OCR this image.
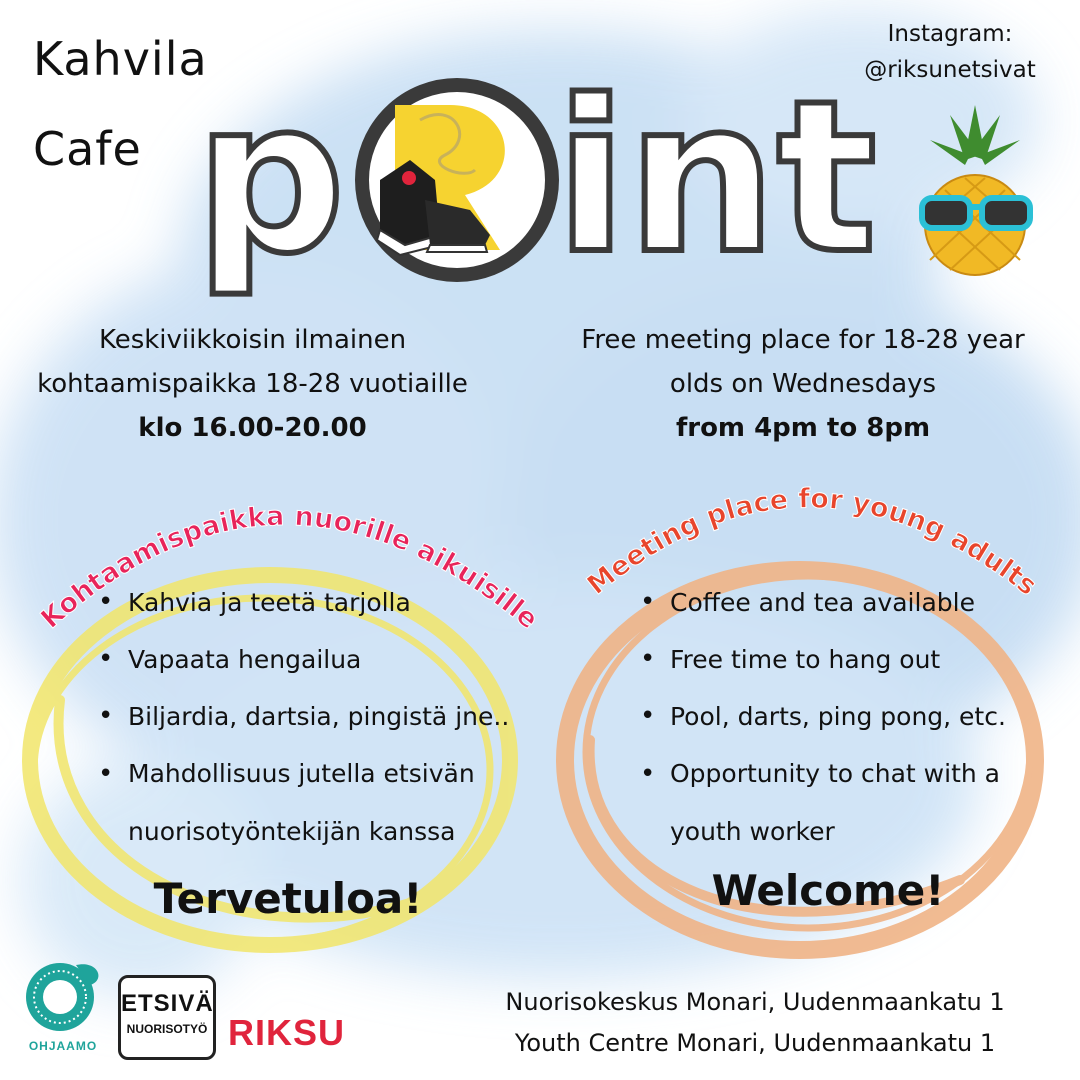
Kahvila
Cafe p int
Instagram:
@riksunetsivat
Keskiviikkoisin ilmainen
kohtaamispaikka 18-28 vuotiaille
klo 16.00-20.00
Free meeting place for 18-28 year
olds on Wednesdays
from 4pm to 8pm
Kohtaamispaikka nuorille aikuisille
Meeting place for young adults
• Kahvia ja teetä tarjolla
• Vapaata hengailua
• Biljardia, dartsia, pingistä jne..
• Mahdollisuus jutella etsivän nuorisotyöntekijän kanssa
• Coffee and tea available
• Free time to hang out
• Pool, darts, ping pong, etc.
• Opportunity to chat with a youth worker
Tervetuloa!	Welcome!
OHJAAMO
ETSIVÄ
NUORISOTYÖ RIKSU
Nuorisokeskus Monari, Uudenmaankatu 1
Youth Centre Monari, Uudenmaankatu 1
